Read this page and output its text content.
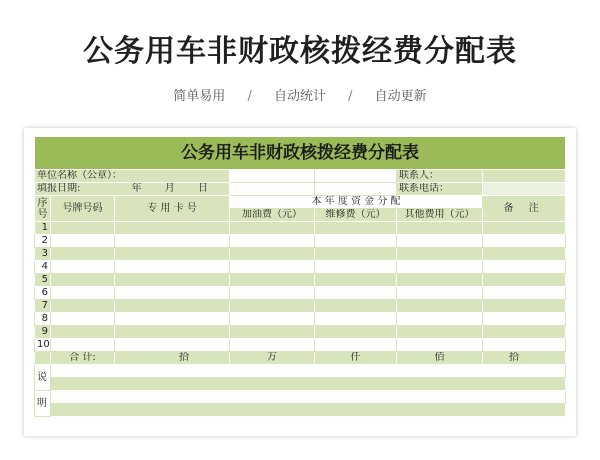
公务用车非财政核拨经费分配表
简单易用 / 自动统计 / 自动更新
公务用车非财政核拨经费分配表						
单位名称（公章）：					联系人：	
填报日期: 年 月 日					联系电话：	
序号	号牌号码	专 用 卡 号	本 年 度 资 金 分 配			备 注
			加油费（元）	维修费（元）	其他费用（元）	
1						
2						
3						
4						
5						
6						
7						
8						
9						
10						
	合 计:	拾	万	仟	佰	拾
说						

明						
